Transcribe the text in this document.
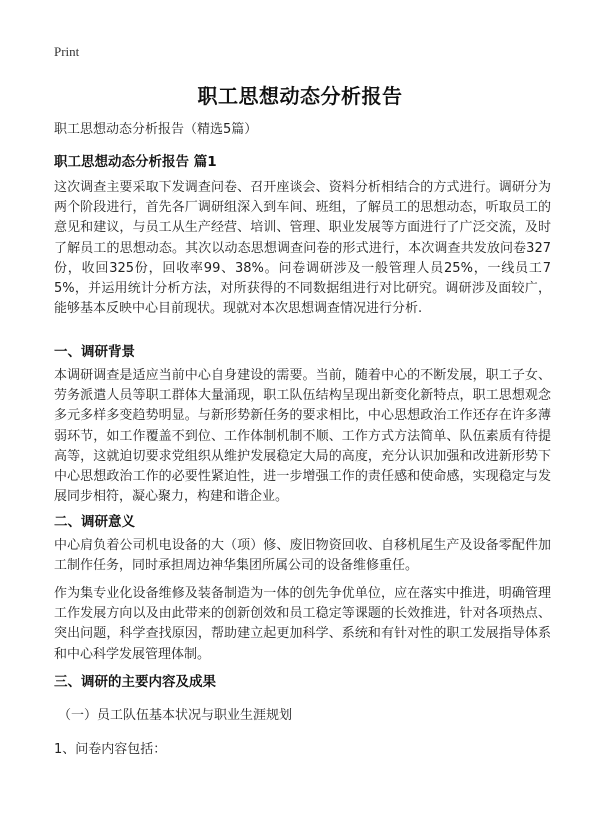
Print
职工思想动态分析报告
职工思想动态分析报告（精选5篇）
职工思想动态分析报告 篇1
这次调查主要采取下发调查问卷、召开座谈会、资料分析相结合的方式进行。调研分为两个阶段进行，首先各厂调研组深入到车间、班组，了解员工的思想动态，听取员工的意见和建议，与员工从生产经营、培训、管理、职业发展等方面进行了广泛交流，及时了解员工的思想动态。其次以动态思想调查问卷的形式进行，本次调查共发放问卷327份，收回325份，回收率99、38%。问卷调研涉及一般管理人员25%，一线员工75%，并运用统计分析方法，对所获得的不同数据组进行对比研究。调研涉及面较广，能够基本反映中心目前现状。现就对本次思想调查情况进行分析.
一、调研背景
本调研调查是适应当前中心自身建设的需要。当前，随着中心的不断发展，职工子女、劳务派遣人员等职工群体大量涌现，职工队伍结构呈现出新变化新特点，职工思想观念多元多样多变趋势明显。与新形势新任务的要求相比，中心思想政治工作还存在许多薄弱环节，如工作覆盖不到位、工作体制机制不顺、工作方式方法简单、队伍素质有待提高等，这就迫切要求党组织从维护发展稳定大局的高度，充分认识加强和改进新形势下中心思想政治工作的必要性紧迫性，进一步增强工作的责任感和使命感，实现稳定与发展同步相符，凝心聚力，构建和谐企业。
二、调研意义
中心肩负着公司机电设备的大（项）修、废旧物资回收、自移机尾生产及设备零配件加工制作任务，同时承担周边神华集团所属公司的设备维修重任。
作为集专业化设备维修及装备制造为一体的创先争优单位，应在落实中推进，明确管理工作发展方向以及由此带来的创新创效和员工稳定等课题的长效推进，针对各项热点、突出问题，科学查找原因，帮助建立起更加科学、系统和有针对性的职工发展指导体系和中心科学发展管理体制。
三、调研的主要内容及成果
（一）员工队伍基本状况与职业生涯规划
1、问卷内容包括：
